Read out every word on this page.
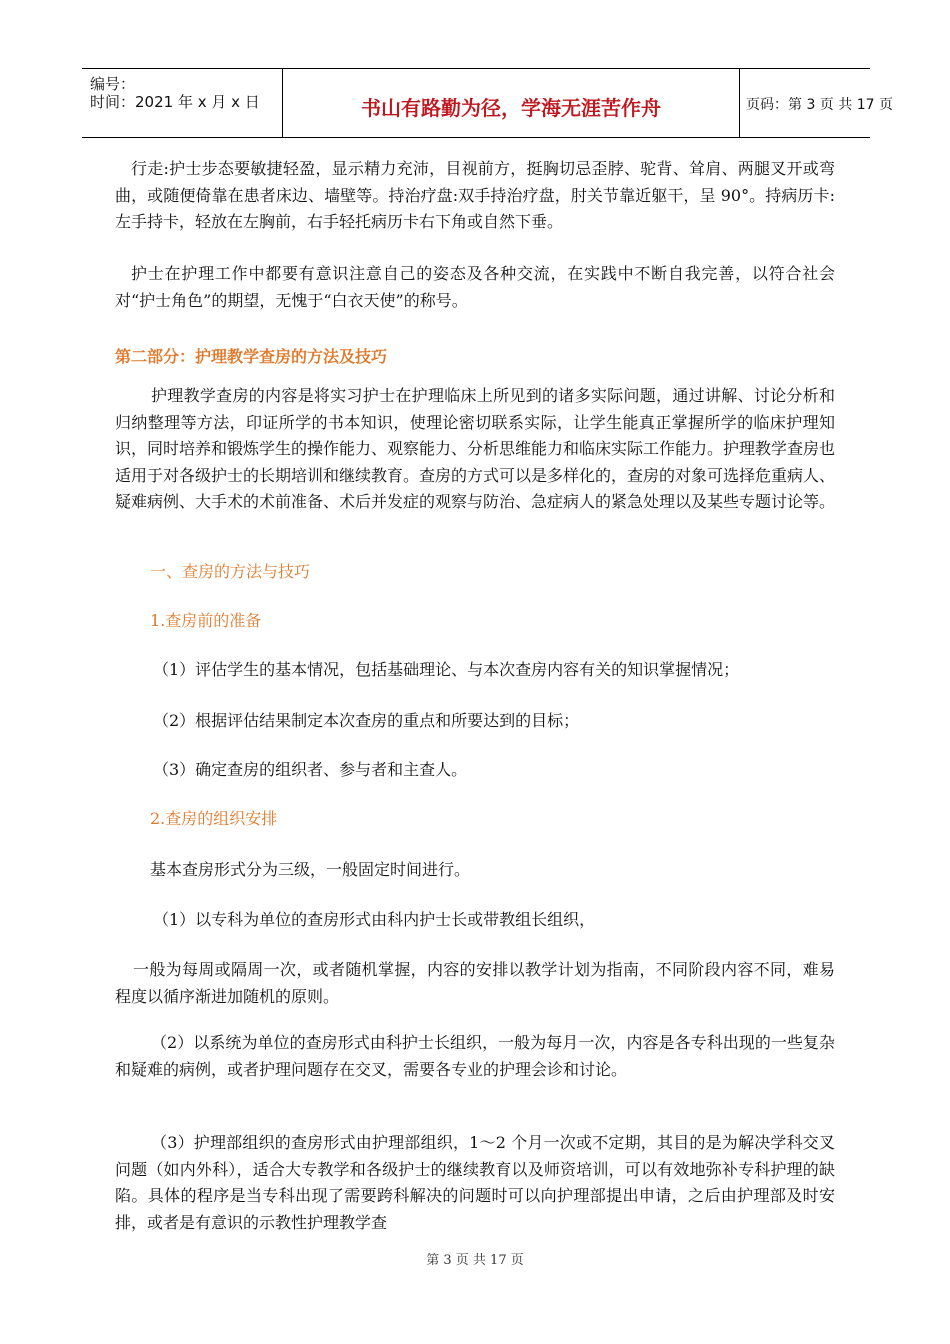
编号：
时间：2021 年 x 月 x 日	书山有路勤为径，学海无涯苦作舟	页码：第 3 页 共 17 页
行走:护士步态要敏捷轻盈，显示精力充沛，目视前方，挺胸切忌歪脖、驼背、耸肩、两腿叉开或弯曲，或随便倚靠在患者床边、墙壁等。持治疗盘:双手持治疗盘，肘关节靠近躯干，呈 90°。持病历卡:左手持卡，轻放在左胸前，右手轻托病历卡右下角或自然下垂。
护士在护理工作中都要有意识注意自己的姿态及各种交流，在实践中不断自我完善，以符合社会对“护士角色”的期望，无愧于“白衣天使”的称号。
第二部分：护理教学查房的方法及技巧
护理教学查房的内容是将实习护士在护理临床上所见到的诸多实际问题，通过讲解、讨论分析和归纳整理等方法，印证所学的书本知识，使理论密切联系实际，让学生能真正掌握所学的临床护理知识，同时培养和锻炼学生的操作能力、观察能力、分析思维能力和临床实际工作能力。护理教学查房也适用于对各级护士的长期培训和继续教育。查房的方式可以是多样化的，查房的对象可选择危重病人、疑难病例、大手术的术前准备、术后并发症的观察与防治、急症病人的紧急处理以及某些专题讨论等。
一、查房的方法与技巧
1.查房前的准备
（1）评估学生的基本情况，包括基础理论、与本次查房内容有关的知识掌握情况；
（2）根据评估结果制定本次查房的重点和所要达到的目标；
（3）确定查房的组织者、参与者和主查人。
2.查房的组织安排
基本查房形式分为三级，一般固定时间进行。
（1）以专科为单位的查房形式由科内护士长或带教组长组织，
一般为每周或隔周一次，或者随机掌握，内容的安排以教学计划为指南，不同阶段内容不同，难易程度以循序渐进加随机的原则。
（2）以系统为单位的查房形式由科护士长组织，一般为每月一次，内容是各专科出现的一些复杂和疑难的病例，或者护理问题存在交叉，需要各专业的护理会诊和讨论。
（3）护理部组织的查房形式由护理部组织，1～2 个月一次或不定期，其目的是为解决学科交叉问题（如内外科），适合大专教学和各级护士的继续教育以及师资培训，可以有效地弥补专科护理的缺陷。具体的程序是当专科出现了需要跨科解决的问题时可以向护理部提出申请，之后由护理部及时安排，或者是有意识的示教性护理教学查
第 3 页 共 17 页
